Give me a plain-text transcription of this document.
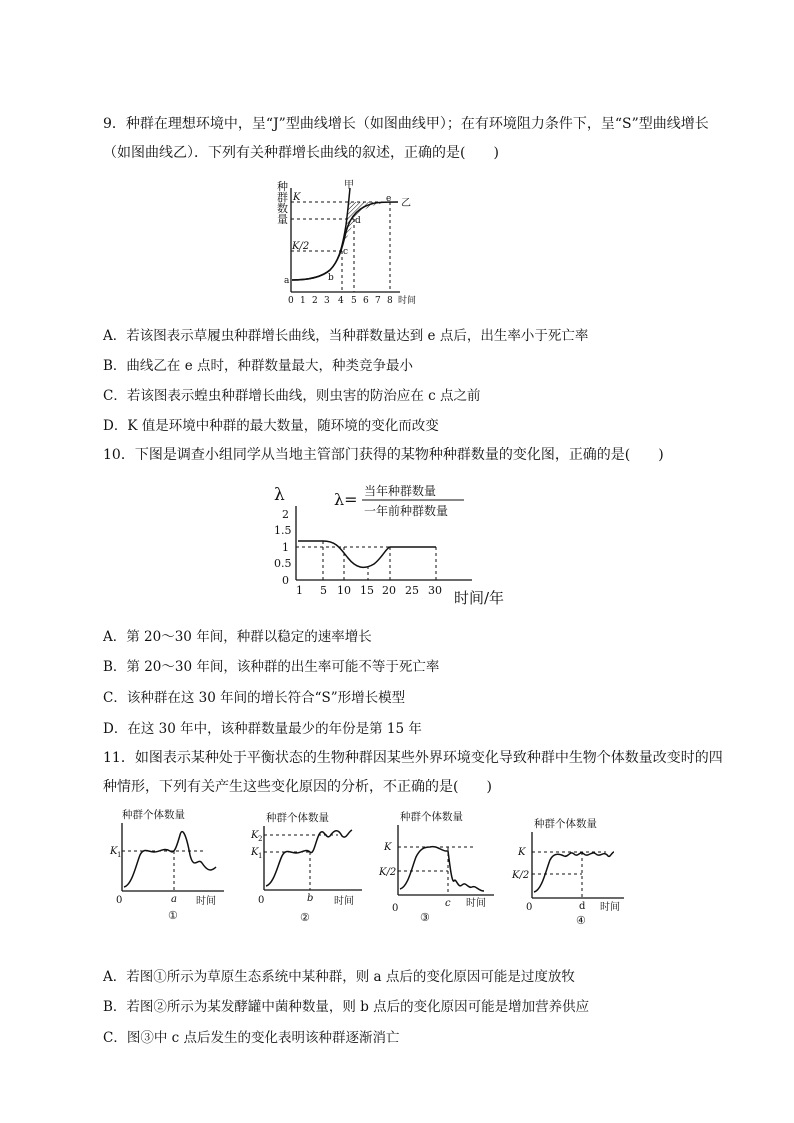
9．种群在理想环境中，呈“J”型曲线增长（如图曲线甲）；在有环境阻力条件下，呈“S”型曲线增长（如图曲线乙）．下列有关种群增长曲线的叙述，正确的是(　　)
种
群
数
量
K
K/2
甲
乙
a	b
c
d
e
0 1 2 3 4 5 6 7 8 时间
A．若该图表示草履虫种群增长曲线，当种群数量达到 e 点后，出生率小于死亡率
B．曲线乙在 e 点时，种群数量最大，种类竞争最小
C．若该图表示蝗虫种群增长曲线，则虫害的防治应在 c 点之前
D．K 值是环境中种群的最大数量，随环境的变化而改变
10．下图是调查小组同学从当地主管部门获得的某物种种群数量的变化图，正确的是(　　)
λ	λ= 当年种群数量
一年前种群数量
2
1.5
1
0.5
0
1 5 10 15 20 25 30 时间/年
A．第 20～30 年间，种群以稳定的速率增长
B．第 20～30 年间，该种群的出生率可能不等于死亡率
C．该种群在这 30 年间的增长符合“S”形增长模型
D．在这 30 年中，该种群数量最少的年份是第 15 年
11．如图表示某种处于平衡状态的生物种群因某些外界环境变化导致种群中生物个体数量改变时的四种情形，下列有关产生这些变化原因的分析，不正确的是(　　)
种群个体数量
K 1
a
0	时间
①
种群个体数量
K 2
K 1
b
0	时间
②
种群个体数量
K
K/2
c
0	时间
③
种群个体数量
K
K/2
d
0	时间
④
A．若图①所示为草原生态系统中某种群，则 a 点后的变化原因可能是过度放牧
B．若图②所示为某发酵罐中菌种数量，则 b 点后的变化原因可能是增加营养供应
C．图③中 c 点后发生的变化表明该种群逐渐消亡
